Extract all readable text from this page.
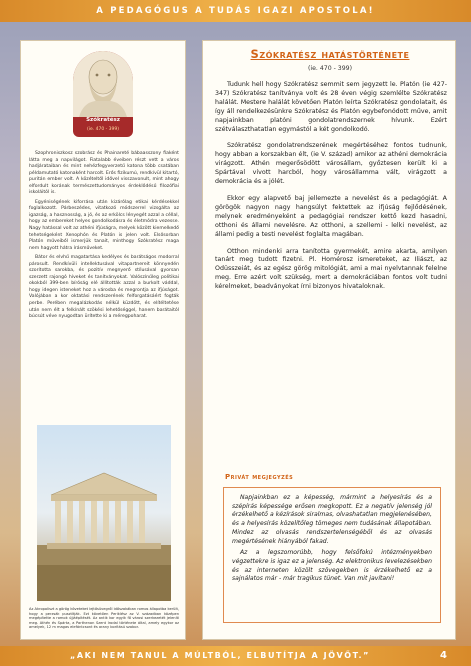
A PEDAGÓGUS A TUDÁS IGAZI APOSTOLA!
Szókratész
(ie. 470 - 399)

Szophroniszkosz szobrász és Phainareté bábaasszony fiaként látta meg a napvilágot. Fiatalabb éveiben részt vett a város hadjárataiban és mint nehézfegyverzetű katona több csatában példamutató katonaként harcolt. Erős fizikumú, rendkívül kitartó, puritán ember volt. A közételtől idővel visszavonult, mint ahogy elfordult korának természettudományos érdeklődésű filozófiai iskoláitól is.

Egyéniségének kiforrása után kizárólag etikai kérdésekkel foglalkozott. Párbeszédes, vitatkozó módszerrel vizsgálta az igazság, a hasznosság, a jó, és az erkölcs lényegét azzal a céllal, hogy az embereket helyes gondolkodásra és életmódra vezesse. Nagy hatással volt az athéni ifjúságra, melyek között kiemelkedő tehetségeként Xenophón és Platón is jelen volt. Elsősorban Platón műveiből ismerjük tanait, minthogy Szókratész maga nem hagyott hátra írásműveket.

Bátor és elvhű magatartása kedélyes és barátságos modorral párosult. Rendkívüli intellektusával vitapartnereit könnyedén szorította sarokba, és pozitív megnyerő stílusával gyorsan szerzett rajongó híveket és tanítványokat. Valószínűleg politikai okokból 399-ben bíróság elé állították azzal a burkolt váddal, hogy idegen isteneket hoz a városba és megrontja az ifjúságot. Valójában a kor oktatási rendszerének felforgatásáért fogták perbe. Perében megalázkodás nélkül küzdött, és elítéltetése után nem élt a felkínált szökési lehetőséggel, hanem barátaitól búcsút véve nyugodtan ürítette ki a méregpoharat.

Az Akropoliszt a görög követeket lejtősüvegről időszakában romos állapotba került, hogy a perzsák pusztítják. Ezt követően Periklész az V. században középen megépítette a romok újjáépítését. Az antik kor egyik fő városi szerkezetét jeleníti meg. Athén és Spárta, a Parthenon Szent Irodal története által, amely egykor az amelyek, 12 m magas elefántcsont és arany borítású szobor.
Szókratész hatástörténete
(ie. 470 - 399)

Tudunk hell hogy Szókratész semmit sem jegyzett le. Platón (ie 427-347) Szókratész tanítványa volt és 28 éven végig szemlélte Szókratész halálát. Mestere halálát követően Platón leírta Szókratész gondolatait, és így áll rendelkezésünkre Szókratész és Platón egybefonódott műve, amit napjainkban platóni gondolatrendszernek hívunk. Ezért szétválaszthatatlan egymástól a két gondolkodó.

Szókratész gondolatrendszerének megértéséhez fontos tudnunk, hogy abban a korszakban élt, (ie V. század) amikor az athéni demokrácia virágzott. Athén megerősödött városállam, győztesen került ki a Spártával vívott harcból, hogy városállamma vált, virágzott a demokrácia és a jólét.

Ekkor egy alapvető baj jellemezte a nevelést és a pedagógiát. A görögök nagyon nagy hangsúlyt fektettek az ifjúság fejlődésének, melynek eredményeként a pedagógiai rendszer kettő kezd hasadni, otthoni és állami nevelésre. Az otthoni, a szellemi - lelki nevelést, az állami pedig a testi nevelést foglalta magában.

Otthon mindenki arra tanította gyermekét, amire akarta, amilyen tanárt meg tudott fizetni. Pl. Homérosz ismereteket, az Iliászt, az Odüsszeiát, és az egész görög mitológiát, ami a mai nyelvtannak felelne meg. Erre azért volt szükség, mert a demokráciában fontos volt tudni kérelmeket, beadványokat írni bizonyos hivataloknak.

Privát megjegyzés

Napjainkban ez a képesség, mármint a helyesírás és a szépírás képessége erősen megkopott. Ez a negatív jelenség jól érzékelhető a kézírások siralmas, olvashatatlan megjelenésében, és a helyesírás közelítőleg tömeges nem tudásának állapotában. Mindez az olvasás rendszertelenségéből és az olvasás megértésének hiányából fakad.

Az a legszomorúbb, hogy felsőfokú intézményekben végzettekre is igaz ez a jelenség. Az elektronikus levelezésekben és az interneten közölt szövegekben is érzékelhető ez a sajnálatos már - már tragikus tünet. Van mit javítani!

„AKI NEM TANUL A MÚLTBÓL, ELBUTÍTJA A JÖVŐT.”	4
